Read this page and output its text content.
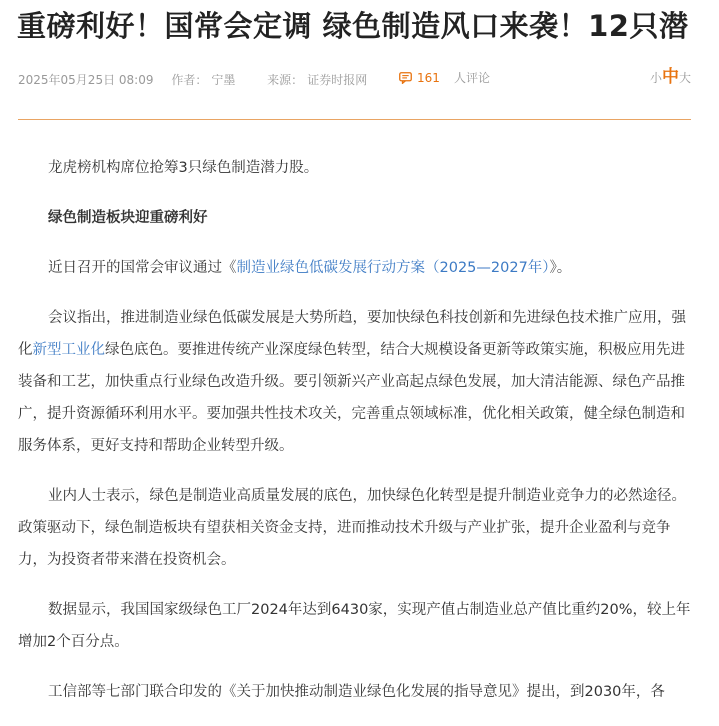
重磅利好！国常会定调 绿色制造风口来袭！12只潜
2025年05月25日 08:09 作者： 宁墨	来源： 证券时报网	161 人评论	小中大

龙虎榜机构席位抢筹3只绿色制造潜力股。

绿色制造板块迎重磅利好

近日召开的国常会审议通过《制造业绿色低碳发展行动方案（2025—2027年）》。

会议指出，推进制造业绿色低碳发展是大势所趋，要加快绿色科技创新和先进绿色技术推广应用，强化新型工业化绿色底色。要推进传统产业深度绿色转型，结合大规模设备更新等政策实施，积极应用先进装备和工艺，加快重点行业绿色改造升级。要引领新兴产业高起点绿色发展，加大清洁能源、绿色产品推广，提升资源循环利用水平。要加强共性技术攻关，完善重点领域标准，优化相关政策，健全绿色制造和服务体系，更好支持和帮助企业转型升级。

业内人士表示，绿色是制造业高质量发展的底色，加快绿色化转型是提升制造业竞争力的必然途径。政策驱动下，绿色制造板块有望获相关资金支持，进而推动技术升级与产业扩张，提升企业盈利与竞争力，为投资者带来潜在投资机会。

数据显示，我国国家级绿色工厂2024年达到6430家，实现产值占制造业总产值比重约20%，较上年增加2个百分点。

工信部等七部门联合印发的《关于加快推动制造业绿色化发展的指导意见》提出，到2030年，各
